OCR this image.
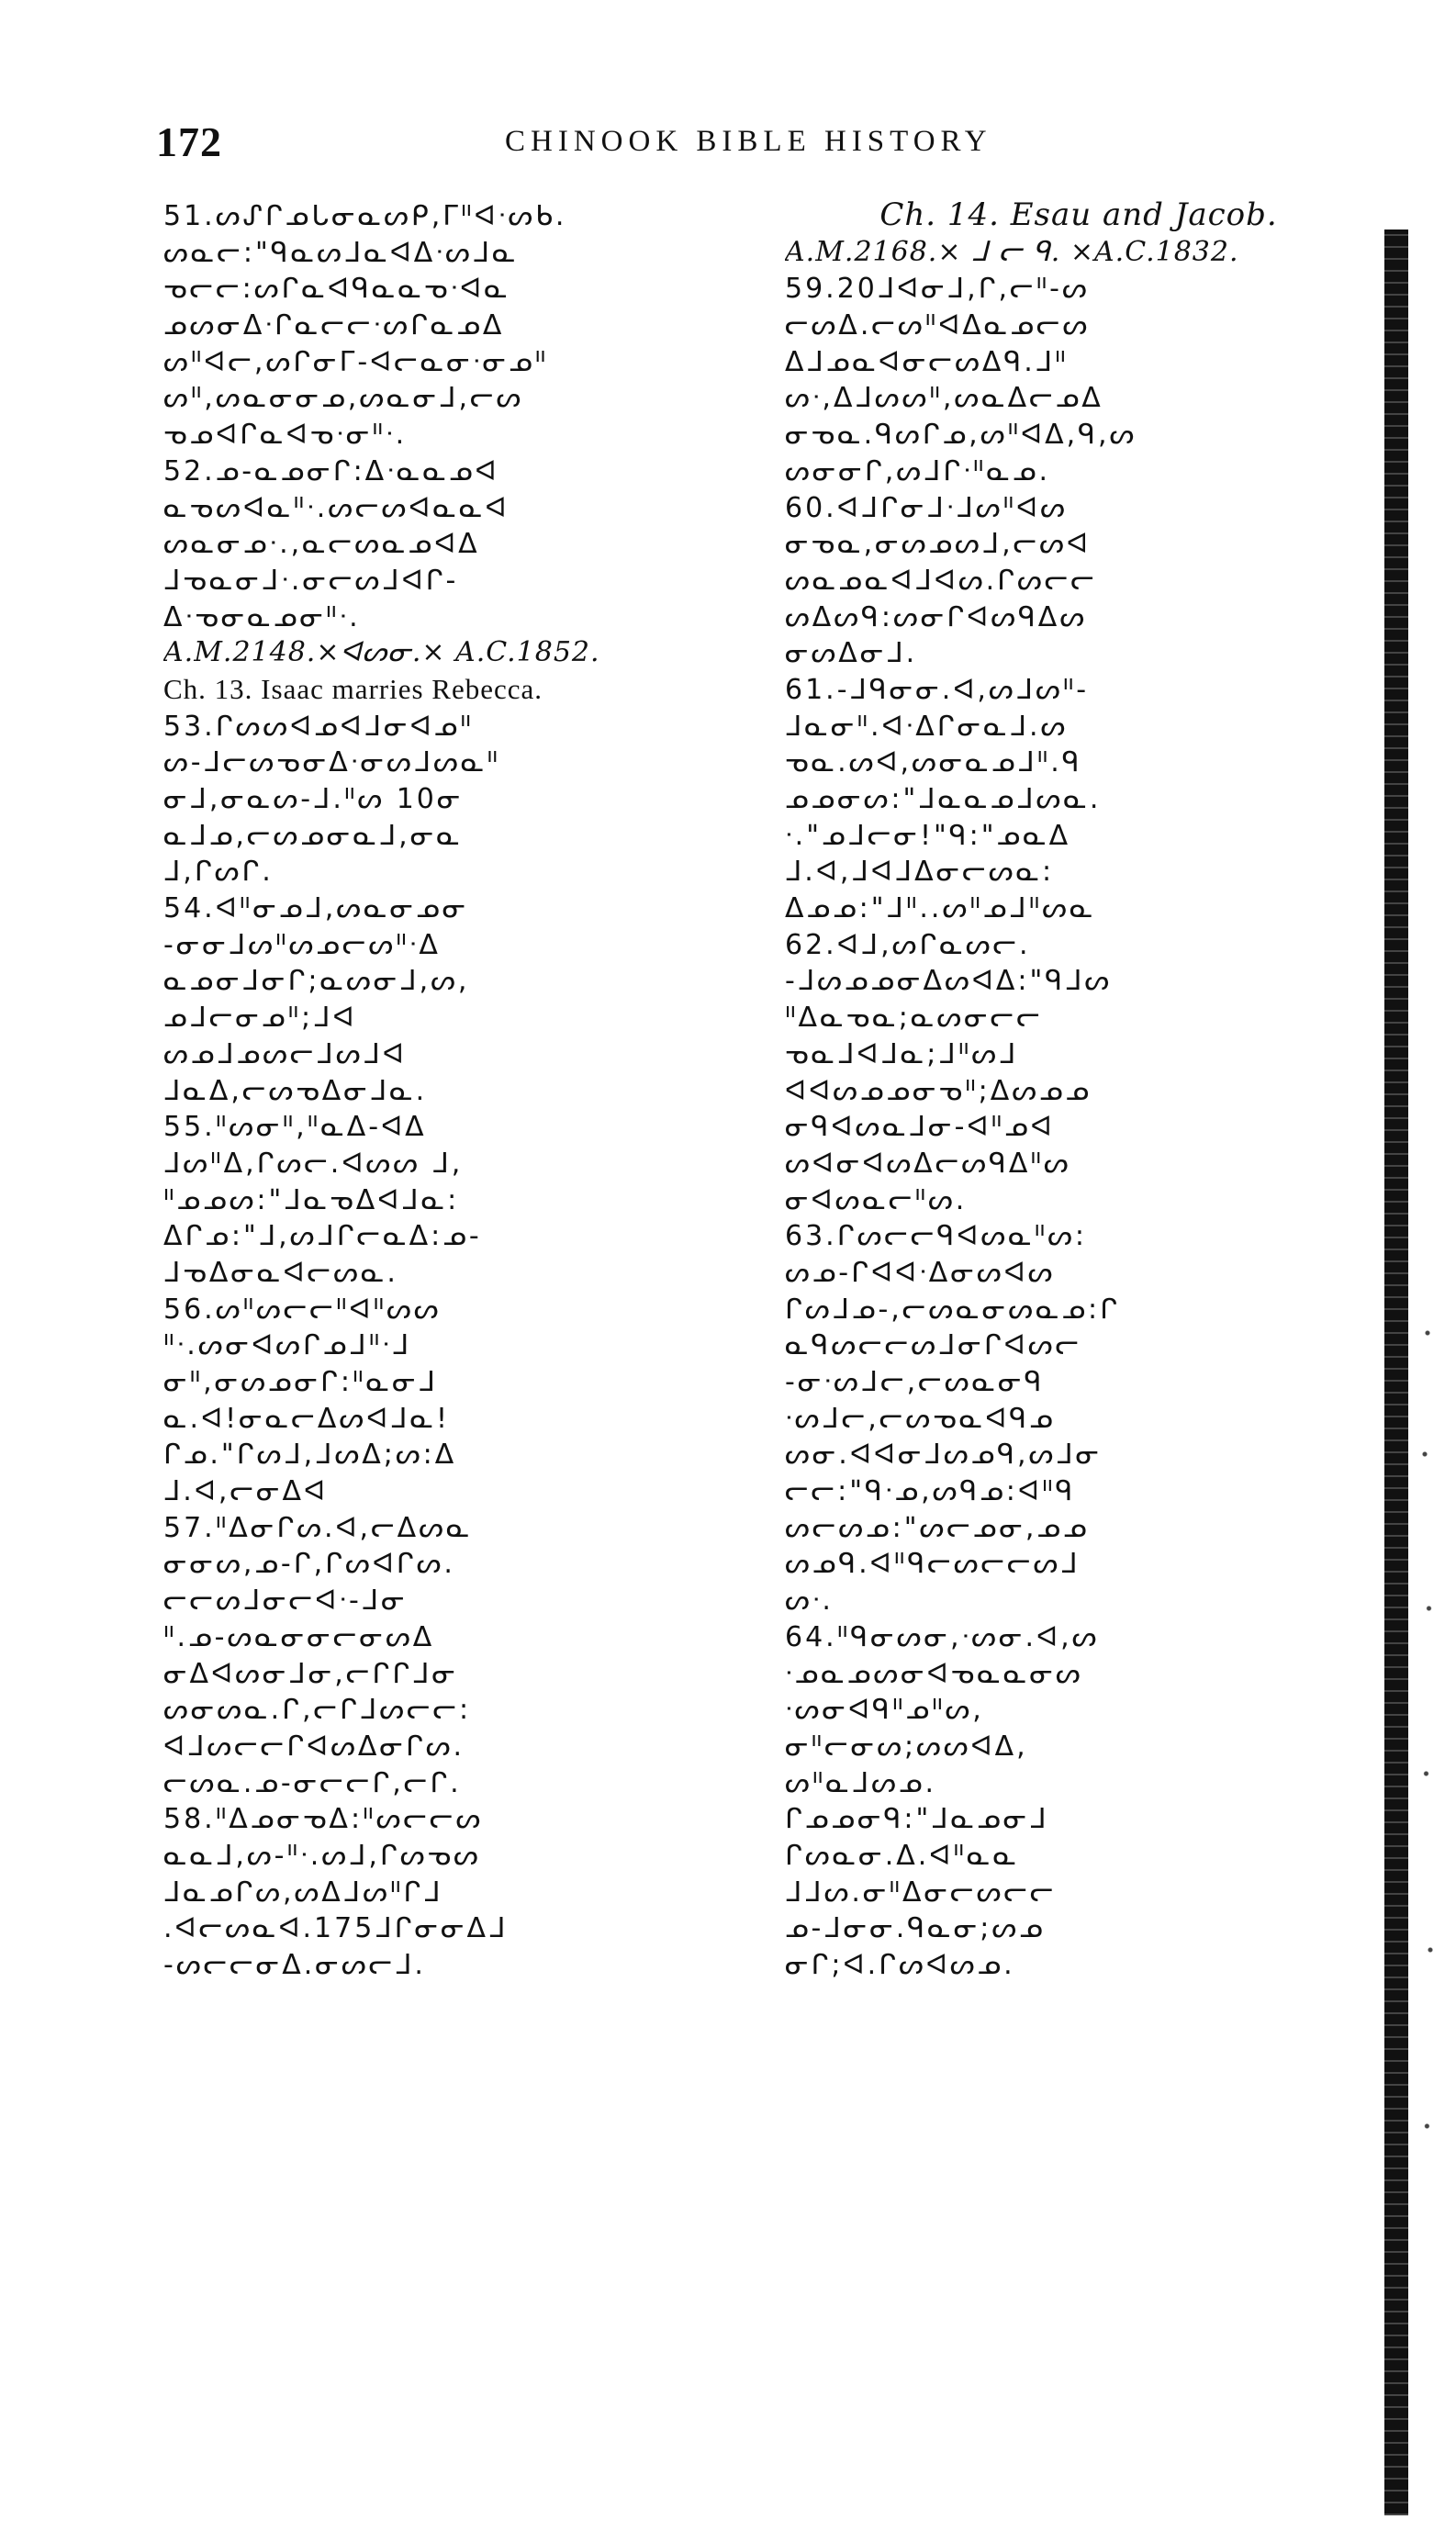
172	CHINOOK BIBLE HISTORY
51.ᔕᔑᒋᓄᒐᓂᓇᔕᑭ,ᒥᐦᐊᐧᔕᑲ.
ᔕᓇᓕ:"ᑫᓇᔕᒧᓇᐊᐃᐧᔕᒧᓇ
ᓀᓕᓕ:ᔕᒋᓇᐊᑫᓇᓇᓀᐧᐊᓇ
ᓄᔕᓂᐃᐧᒋᓇᓕᓕᐧᔕᒋᓇᓄᐃ
ᔕᐦᐊᓕ,ᔕᒋᓂᒥ-ᐊᓕᓇᓂᐧᓂᓄᐦ
ᔕᐦ,ᔕᓇᓂᓂᓄ,ᔕᓇᓂᒧ,ᓕᔕ
ᓀᓄᐊᒋᓇᐊᓀᐧᓂᐦᐧ.
52.ᓄ-ᓇᓄᓂᒋ:ᐃᐧᓇᓇᓄᐊ
ᓇᓀᔕᐊᓇᐦᐧ.ᔕᓕᔕᐊᓇᓇᐊ
ᔕᓇᓂᓄᐧ.,ᓇᓕᔕᓇᓄᐊᐃ
ᒧᓀᓇᓂᒧᐧ.ᓂᓕᔕᒧᐊᒋ-
ᐃᐧᓀᓂᓇᓄᓂᐦᐧ.
A.M.2148.×ᐊᔕᓂ.× A.C.1852.
Ch. 13. Isaac marries Rebecca.
53.ᒋᔕᔕᐊᓄᐊᒧᓂᐊᓄᐦ
ᔕ-ᒧᓕᔕᓀᓂᐃᐧᓂᔕᒧᔕᓇᐦ
ᓂᒧ,ᓂᓇᔕ-ᒧ.ᐦᔕ 10ᓂ
ᓇᒧᓄ,ᓕᔕᓄᓂᓇᒧ,ᓂᓇ
ᒧ,ᒋᔕᒋ.
54.ᐊᐦᓂᓄᒧ,ᔕᓇᓂᓄᓂ
-ᓂᓂᒧᔕᐦᔕᓄᓕᔕᐦᐧᐃ
ᓇᓄᓂᒧᓂᒋ;ᓇᔕᓂᒧ,ᔕ,
ᓄᒧᓕᓂᓄᐦ;ᒧᐊ
ᔕᓄᒧᓄᔕᓕᒧᔕᒧᐊ
ᒧᓇᐃ,ᓕᔕᓀᐃᓂᒧᓇ.
55.ᐦᔕᓂᐦ,ᐦᓇᐃ-ᐊᐃ
ᒧᔕᐦᐃ,ᒋᔕᓕ.ᐊᔕᔕ ᒧ,
ᐦᓄᓄᔕ:"ᒧᓇᓀᐃᐊᒧᓇ:
ᐃᒋᓄ:"ᒧ,ᔕᒧᒋᓕᓇᐃ:ᓄ-
ᒧᓀᐃᓂᓇᐊᓕᔕᓇ.
56.ᔕᐦᔕᓕᓕᐦᐊᐦᔕᔕ
ᐦᐧ.ᔕᓂᐊᔕᒋᓄᒧᐦᐧᒧ
ᓂᐦ,ᓂᔕᓄᓂᒋ:ᐦᓇᓂᒧ
ᓇ.ᐊ!ᓂᓇᓕᐃᔕᐊᒧᓇ!
ᒋᓄ."ᒋᔕᒧ,ᒧᔕᐃ;ᔕ:ᐃ
ᒧ.ᐊ,ᓕᓂᐃᐊ
57.ᐦᐃᓂᒋᔕ.ᐊ,ᓕᐃᔕᓇ
ᓂᓂᔕ,ᓄ-ᒋ,ᒋᔕᐊᒋᔕ.
ᓕᓕᔕᒧᓂᓕᐊᐧ-ᒧᓂ
ᐦ.ᓄ-ᔕᓇᓂᓂᓕᓂᔕᐃ
ᓂᐃᐊᔕᓂᒧᓂ,ᓕᒋᒋᒧᓂ
ᔕᓂᔕᓇ.ᒋ,ᓕᒋᒧᔕᓕᓕ:
ᐊᒧᔕᓕᓕᒋᐊᔕᐃᓂᒋᔕ.
ᓕᔕᓇ.ᓄ-ᓂᓕᓕᒋ,ᓕᒋ.
58.ᐦᐃᓄᓂᓀᐃ:ᐦᔕᓕᓕᔕ
ᓇᓇᒧ,ᔕ-ᐦᐧ.ᔕᒧ,ᒋᔕᓀᔕ
ᒧᓇᓄᒋᔕ,ᔕᐃᒧᔕᐦᒋᒧ
.ᐊᓕᔕᓇᐊ.175ᒧᒋᓂᓂᐃᒧ
-ᔕᓕᓕᓂᐃ.ᓂᔕᓕᒧ.
Ch. 14. Esau and Jacob.
A.M.2168.× ᒧ ᓕ ᑫ. ×A.C.1832.
59.20ᒧᐊᓂᒧ,ᒋ,ᓕᐦ-ᔕ
ᓕᔕᐃ.ᓕᔕᐦᐊᐃᓇᓄᓕᔕ
ᐃᒧᓄᓇᐊᓂᓕᔕᐃᑫ.ᒧᐦ
ᔕᐧ,ᐃᒧᔕᔕᐦ,ᔕᓇᐃᓕᓄᐃ
ᓂᓀᓇ.ᑫᔕᒋᓄ,ᔕᐦᐊᐃ,ᑫ,ᔕ
ᔕᓂᓂᒋ,ᔕᒧᒋᐧᐦᓇᓄ.
60.ᐊᒧᒋᓂᒧᐧᒧᔕᐦᐊᔕ
ᓂᓀᓇ,ᓂᔕᓄᔕᒧ,ᓕᔕᐊ
ᔕᓇᓄᓇᐊᒧᐊᔕ.ᒋᔕᓕᓕ
ᔕᐃᔕᑫ:ᔕᓂᒋᐊᔕᑫᐃᔕ
ᓂᔕᐃᓂᒧ.
61.-ᒧᑫᓂᓂ.ᐊ,ᔕᒧᔕᐦ-
ᒧᓇᓂᐦ.ᐊᐧᐃᒋᓂᓇᒧ.ᔕ
ᓀᓇ.ᔕᐊ,ᔕᓂᓇᓄᒧᐦ.ᑫ
ᓄᓄᓂᔕ:"ᒧᓇᓇᓄᒧᔕᓇ.
ᐧ."ᓄᒧᓕᓂ!"ᑫ:"ᓄᓇᐃ
ᒧ.ᐊ,ᒧᐊᒧᐃᓂᓕᔕᓇ:
ᐃᓄᓄ:"ᒧᐦ..ᔕᐦᓄᒧᐦᔕᓇ
62.ᐊᒧ,ᔕᒋᓇᔕᓕ.
-ᒧᔕᓄᓄᓂᐃᔕᐊᐃ:"ᑫᒧᔕ
ᐦᐃᓇᓀᓇ;ᓇᔕᓂᓕᓕ
ᓀᓇᒧᐊᒧᓇ;ᒧᐦᔕᒧ
ᐊᐊᔕᓄᓄᓂᓀᐦ;ᐃᔕᓄᓄ
ᓂᑫᐊᔕᓇᒧᓂ-ᐊᐦᓄᐊ
ᔕᐊᓂᐊᔕᐃᓕᔕᑫᐃᐦᔕ
ᓂᐊᔕᓇᓕᐦᔕ.
63.ᒋᔕᓕᓕᑫᐊᔕᓇᐦᔕ:
ᔕᓄ-ᒋᐊᐊᐧᐃᓂᔕᐊᔕ
ᒋᔕᒧᓄ-,ᓕᔕᓇᓂᔕᓇᓄ:ᒋ
ᓇᑫᔕᓕᓕᔕᒧᓂᒋᐊᔕᓕ
-ᓂᐧᔕᒧᓕ,ᓕᔕᓇᓂᑫ
ᐧᔕᒧᓕ,ᓕᔕᓀᓇᐊᑫᓄ
ᔕᓂ.ᐊᐊᓂᒧᔕᓄᑫ,ᔕᒧᓂ
ᓕᓕ:"ᑫᐧᓄ,ᔕᑫᓄ:ᐊᐦᑫ
ᔕᓕᔕᓄ:"ᔕᓕᓄᓂ,ᓄᓄ
ᔕᓄᑫ.ᐊᐦᑫᓕᔕᓕᓕᔕᒧ
ᔕᐧ.
64.ᐦᑫᓂᔕᓂ,ᐧᔕᓂ.ᐊ,ᔕ
ᐧᓄᓇᓄᔕᓂᐊᓀᓇᓇᓂᔕ
ᐧᔕᓂᐊᑫᐦᓄᐦᔕ,
ᓂᐦᓕᓂᔕ;ᔕᔕᐊᐃ,
ᔕᐦᓇᒧᔕᓄ.
ᒋᓄᓄᓂᑫ:"ᒧᓇᓄᓂᒧ
ᒋᔕᓇᓂ.ᐃ.ᐊᐦᓇᓇ
ᒧᒧᔕ.ᓂᐦᐃᓂᓕᔕᓕᓕ
ᓄ-ᒧᓂᓂ.ᑫᓇᓂ;ᔕᓄ
ᓂᒋ;ᐊ.ᒋᔕᐊᔕᓄ.
